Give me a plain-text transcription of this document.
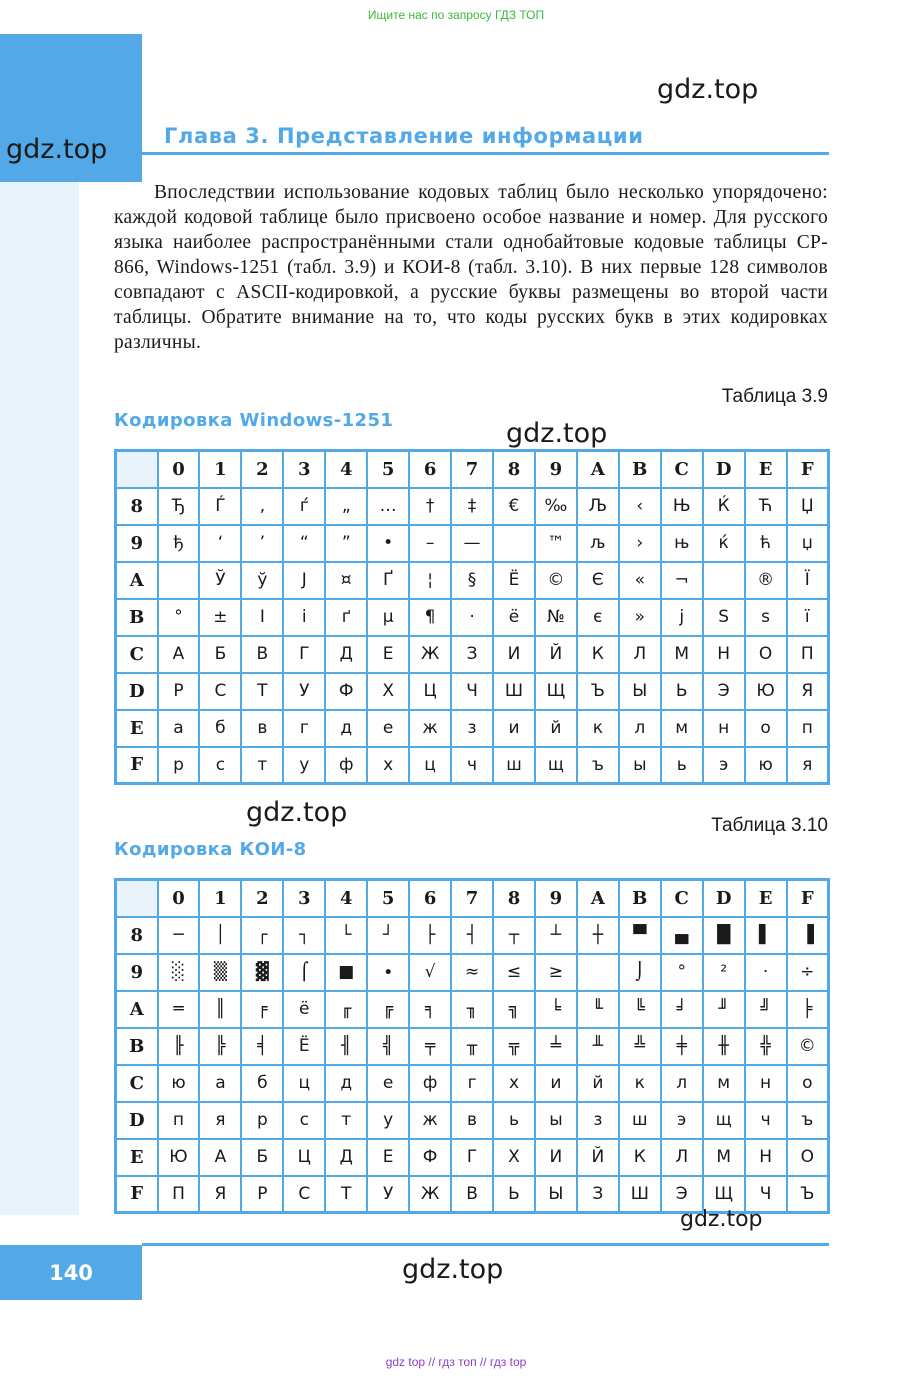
Ищите нас по запросу ГДЗ ТОП
gdz.top
gdz.top	Глава 3. Представление информации
Впоследствии использование кодовых таблиц было несколько упорядочено: каждой кодовой таблице было присвоено особое название и номер. Для русского языка наиболее распространёнными стали однобайтовые кодовые таблицы CP-866, Windows-1251 (табл. 3.9) и КОИ-8 (табл. 3.10). В них первые 128 символов совпадают с ASCII-кодировкой, а русские буквы размещены во второй части таблицы. Обратите внимание на то, что коды русских букв в этих кодировках различны.
Таблица 3.9
Кодировка Windows-1251	gdz.top
	0	1	2	3	4	5	6	7	8	9	A	B	C	D	E	F
8	Ђ	Ѓ	‚	ѓ	„	…	†	‡	€	‰	Љ	‹	Њ	Ќ	Ћ	Џ
9	ђ	‘	’	“	”	•	–	—		™	љ	›	њ	ќ	ћ	џ
A		Ў	ў	Ј	¤	Ґ	¦	§	Ё	©	Є	«	¬		®	Ї
B	°	±	І	і	ґ	µ	¶	·	ё	№	є	»	ј	Ѕ	ѕ	ї
C	А	Б	В	Г	Д	Е	Ж	З	И	Й	К	Л	М	Н	О	П
D	Р	С	Т	У	Ф	Х	Ц	Ч	Ш	Щ	Ъ	Ы	Ь	Э	Ю	Я
E	а	б	в	г	д	е	ж	з	и	й	к	л	м	н	о	п
F	р	с	т	у	ф	х	ц	ч	ш	щ	ъ	ы	ь	э	ю	я
gdz.top	Таблица 3.10
Кодировка КОИ-8
	0	1	2	3	4	5	6	7	8	9	A	B	C	D	E	F
8	─	│	┌	┐	└	┘	├	┤	┬	┴	┼	▀	▄	█	▌	▐
9	░	▒	▓	⌠	■	∙	√	≈	≤	≥		⌡	°	²	·	÷
A	═	║	╒	ё	╓	╔	╕	╖	╗	╘	╙	╚	╛	╜	╝	╞
B	╟	╠	╡	Ё	╢	╣	╤	╥	╦	╧	╨	╩	╪	╫	╬	©
C	ю	а	б	ц	д	е	ф	г	х	и	й	к	л	м	н	о
D	п	я	р	с	т	у	ж	в	ь	ы	з	ш	э	щ	ч	ъ
E	Ю	А	Б	Ц	Д	Е	Ф	Г	Х	И	Й	К	Л	М	Н	О
F	П	Я	Р	С	Т	У	Ж	В	Ь	Ы	З	Ш	Э	Щ	Ч	Ъ
gdz.top
140	gdz.top
gdz top // гдз топ // гдз top
